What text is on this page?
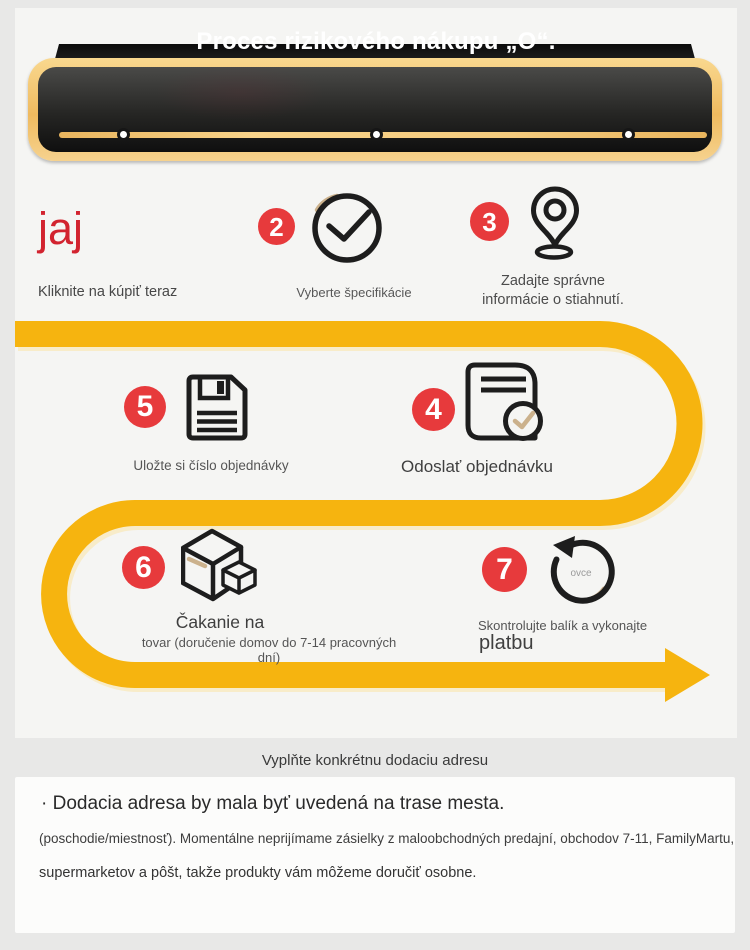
Proces rizikového nákupu „O“.
jaj
Kliknite na kúpiť teraz
2
Vyberte špecifikácie
3
Zadajte správne
informácie o stiahnutí.
5
Uložte si číslo objednávky
4
Odoslať objednávku
6
Čakanie na
tovar (doručenie domov do 7-14 pracovných dní)
7	ovce
Skontrolujte balík a vykonajte
platbu
Vyplňte konkrétnu dodaciu adresu
· Dodacia adresa by mala byť uvedená na trase mesta.
(poschodie/miestnosť). Momentálne neprijímame zásielky z maloobchodných predajní, obchodov 7-11, FamilyMartu,
supermarketov a pôšt, takže produkty vám môžeme doručiť osobne.
